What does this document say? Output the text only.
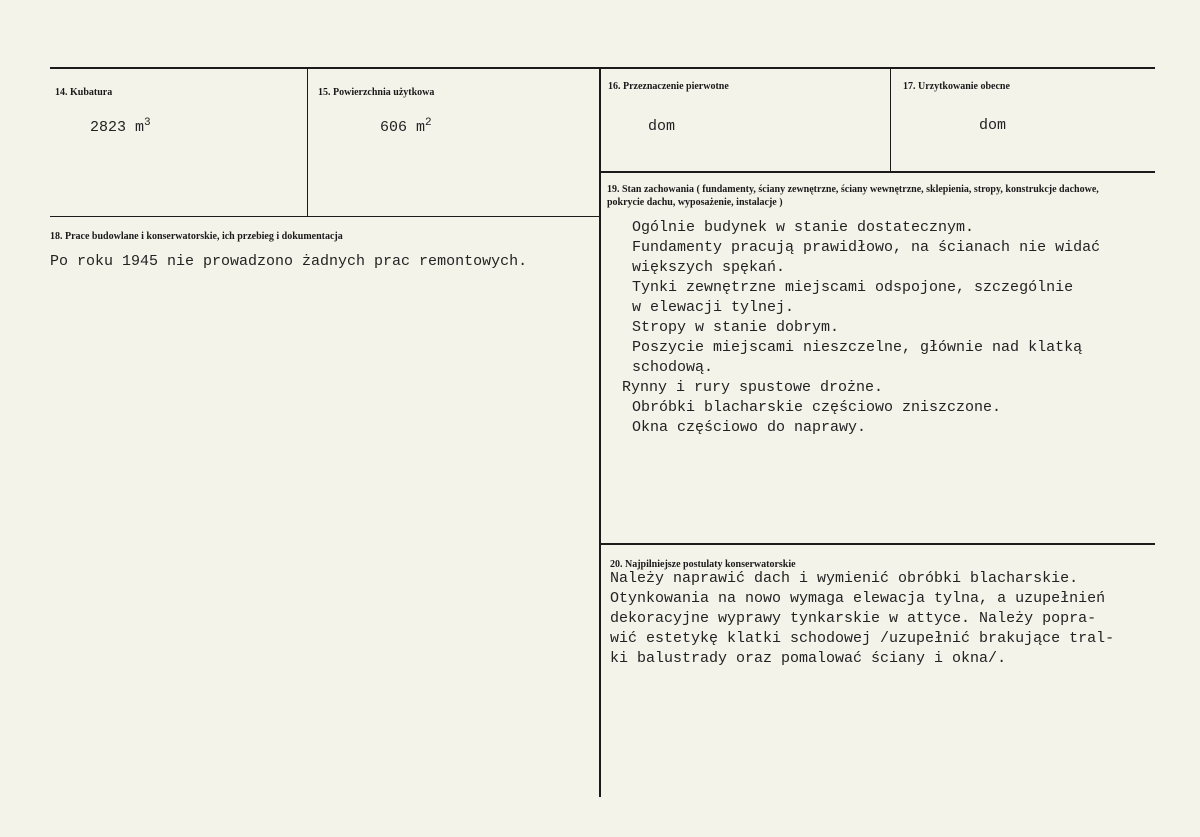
14. Kubatura
2823 $m^3$
15. Powierzchnia użytkowa
606 $m^2$
16. Przeznaczenie pierwotne
dom
17. Urzytkowanie obecne
dom
18. Prace budowlane i konserwatorskie, ich przebieg i dokumentacja
Po roku 1945 nie prowadzono żadnych prac remontowych.
19. Stan zachowania ( fundamenty, ściany zewnętrzne, ściany wewnętrzne, sklepienia, stropy, konstrukcje dachowe, pokrycie dachu, wyposażenie, instalacje )
Ogólnie budynek w stanie dostatecznym.
Fundamenty pracują prawidłowo, na ścianach nie widać
większych spękań.
Tynki zewnętrzne miejscami odspojone, szczególnie
w elewacji tylnej.
Stropy w stanie dobrym.
Poszycie miejscami nieszczelne, głównie nad klatką
schodową.
Rynny i rury spustowe drożne.
Obróbki blacharskie częściowo zniszczone.
Okna częściowo do naprawy.
20. Najpilniejsze postulaty konserwatorskie
Należy naprawić dach i wymienić obróbki blacharskie.
Otynkowania na nowo wymaga elewacja tylna, a uzupełnień
dekoracyjne wyprawy tynkarskie w attyce. Należy popra-
wić estetykę klatki schodowej /uzupełnić brakujące tral-
ki balustrady oraz pomalować ściany i okna/.
